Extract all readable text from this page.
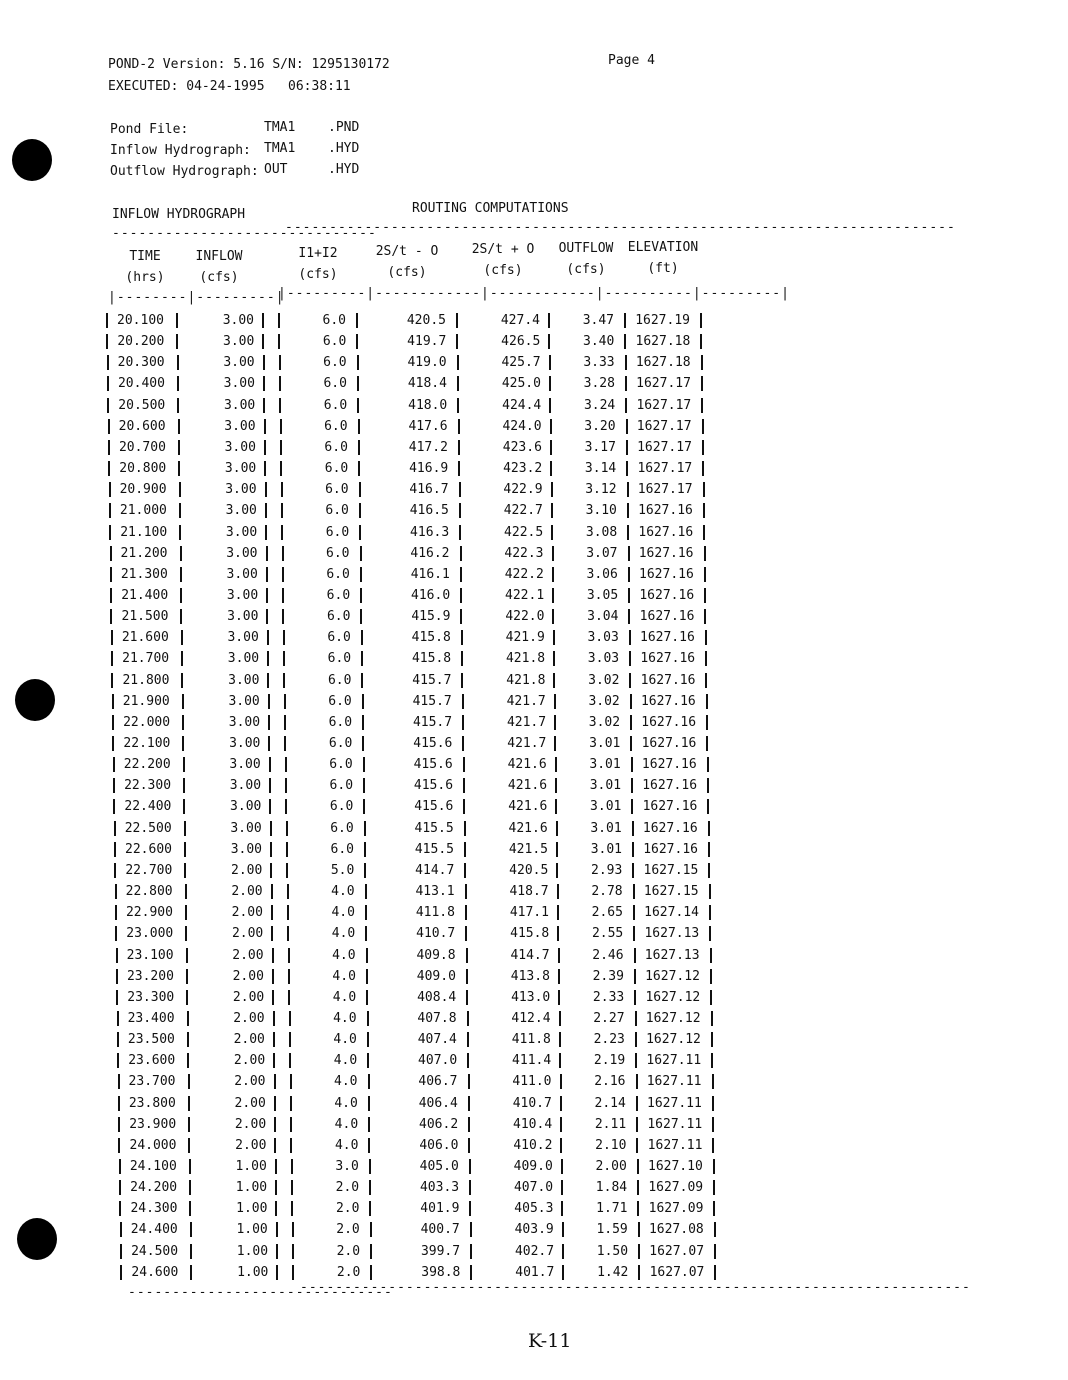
POND-2 Version: 5.16 S/N: 1295130172
EXECUTED: 04-24-1995   06:38:11
Page 4
Pond File:	TMA1	.PND
Inflow Hydrograph: TMA1	.HYD
Outflow Hydrograph: OUT	.HYD
INFLOW HYDROGRAPH	ROUTING COMPUTATIONS
------------------------------
----------------------------------------------------------------------------
TIME
(hrs)
INFLOW
(cfs)
I1+I2
(cfs)
2S/t - O
(cfs)
2S/t + O
(cfs)
OUTFLOW
(cfs)
ELEVATION
(ft)
|--------|---------|
|---------|------------|------------|----------|---------|
20.100	3.00	6.0	420.5	427.4	3.47	1627.19
20.200	3.00	6.0	419.7	426.5	3.40	1627.18
20.300	3.00	6.0	419.0	425.7	3.33	1627.18
20.400	3.00	6.0	418.4	425.0	3.28	1627.17
20.500	3.00	6.0	418.0	424.4	3.24	1627.17
20.600	3.00	6.0	417.6	424.0	3.20	1627.17
20.700	3.00	6.0	417.2	423.6	3.17	1627.17
20.800	3.00	6.0	416.9	423.2	3.14	1627.17
20.900	3.00	6.0	416.7	422.9	3.12	1627.17
21.000	3.00	6.0	416.5	422.7	3.10	1627.16
21.100	3.00	6.0	416.3	422.5	3.08	1627.16
21.200	3.00	6.0	416.2	422.3	3.07	1627.16
21.300	3.00	6.0	416.1	422.2	3.06	1627.16
21.400	3.00	6.0	416.0	422.1	3.05	1627.16
21.500	3.00	6.0	415.9	422.0	3.04	1627.16
21.600	3.00	6.0	415.8	421.9	3.03	1627.16
21.700	3.00	6.0	415.8	421.8	3.03	1627.16
21.800	3.00	6.0	415.7	421.8	3.02	1627.16
21.900	3.00	6.0	415.7	421.7	3.02	1627.16
22.000	3.00	6.0	415.7	421.7	3.02	1627.16
22.100	3.00	6.0	415.6	421.7	3.01	1627.16
22.200	3.00	6.0	415.6	421.6	3.01	1627.16
22.300	3.00	6.0	415.6	421.6	3.01	1627.16
22.400	3.00	6.0	415.6	421.6	3.01	1627.16
22.500	3.00	6.0	415.5	421.6	3.01	1627.16
22.600	3.00	6.0	415.5	421.5	3.01	1627.16
22.700	2.00	5.0	414.7	420.5	2.93	1627.15
22.800	2.00	4.0	413.1	418.7	2.78	1627.15
22.900	2.00	4.0	411.8	417.1	2.65	1627.14
23.000	2.00	4.0	410.7	415.8	2.55	1627.13
23.100	2.00	4.0	409.8	414.7	2.46	1627.13
23.200	2.00	4.0	409.0	413.8	2.39	1627.12
23.300	2.00	4.0	408.4	413.0	2.33	1627.12
23.400	2.00	4.0	407.8	412.4	2.27	1627.12
23.500	2.00	4.0	407.4	411.8	2.23	1627.12
23.600	2.00	4.0	407.0	411.4	2.19	1627.11
23.700	2.00	4.0	406.7	411.0	2.16	1627.11
23.800	2.00	4.0	406.4	410.7	2.14	1627.11
23.900	2.00	4.0	406.2	410.4	2.11	1627.11
24.000	2.00	4.0	406.0	410.2	2.10	1627.11
24.100	1.00	3.0	405.0	409.0	2.00	1627.10
24.200	1.00	2.0	403.3	407.0	1.84	1627.09
24.300	1.00	2.0	401.9	405.3	1.71	1627.09
24.400	1.00	2.0	400.7	403.9	1.59	1627.08
24.500	1.00	2.0	399.7	402.7	1.50	1627.07
24.600	1.00	2.0	398.8	401.7	1.42	1627.07
------------------------------
----------------------------------------------------------------------------
K-11
